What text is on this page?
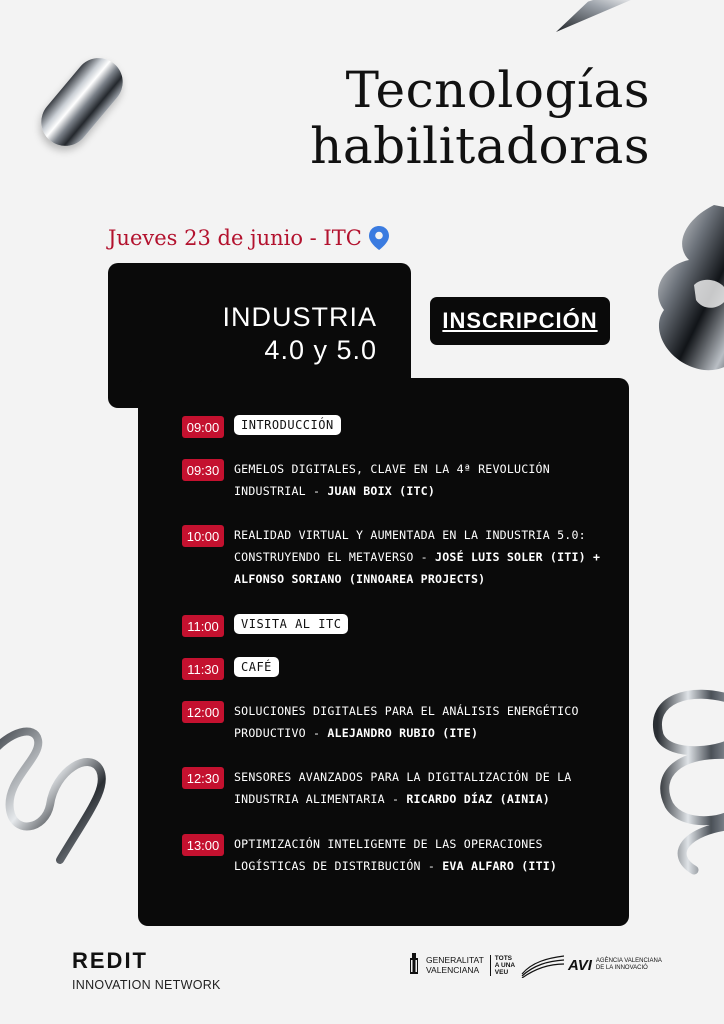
Tecnologías
habilitadoras
Jueves 23 de junio - ITC
INDUSTRIA
4.0 y 5.0
INSCRIPCIÓN
09:00	INTRODUCCIÓN
09:30	GEMELOS DIGITALES, CLAVE EN LA 4ª REVOLUCIÓN INDUSTRIAL - JUAN BOIX (ITC)
10:00	REALIDAD VIRTUAL Y AUMENTADA EN LA INDUSTRIA 5.0: CONSTRUYENDO EL METAVERSO - JOSÉ LUIS SOLER (ITI) + ALFONSO SORIANO (INNOAREA PROJECTS)
11:00	VISITA AL ITC
11:30	CAFÉ
12:00	SOLUCIONES DIGITALES PARA EL ANÁLISIS ENERGÉTICO PRODUCTIVO - ALEJANDRO RUBIO (ITE)
12:30	SENSORES AVANZADOS PARA LA DIGITALIZACIÓN DE LA INDUSTRIA ALIMENTARIA - RICARDO DÍAZ (AINIA)
13:00	OPTIMIZACIÓN INTELIGENTE DE LAS OPERACIONES LOGÍSTICAS DE DISTRIBUCIÓN - EVA ALFARO (ITI)
REDIT
INNOVATION NETWORK
GENERALITAT
VALENCIANA
TOTS
A UNA
VEU	AVI AGÈNCIA VALENCIANA
DE LA INNOVACIÓ
